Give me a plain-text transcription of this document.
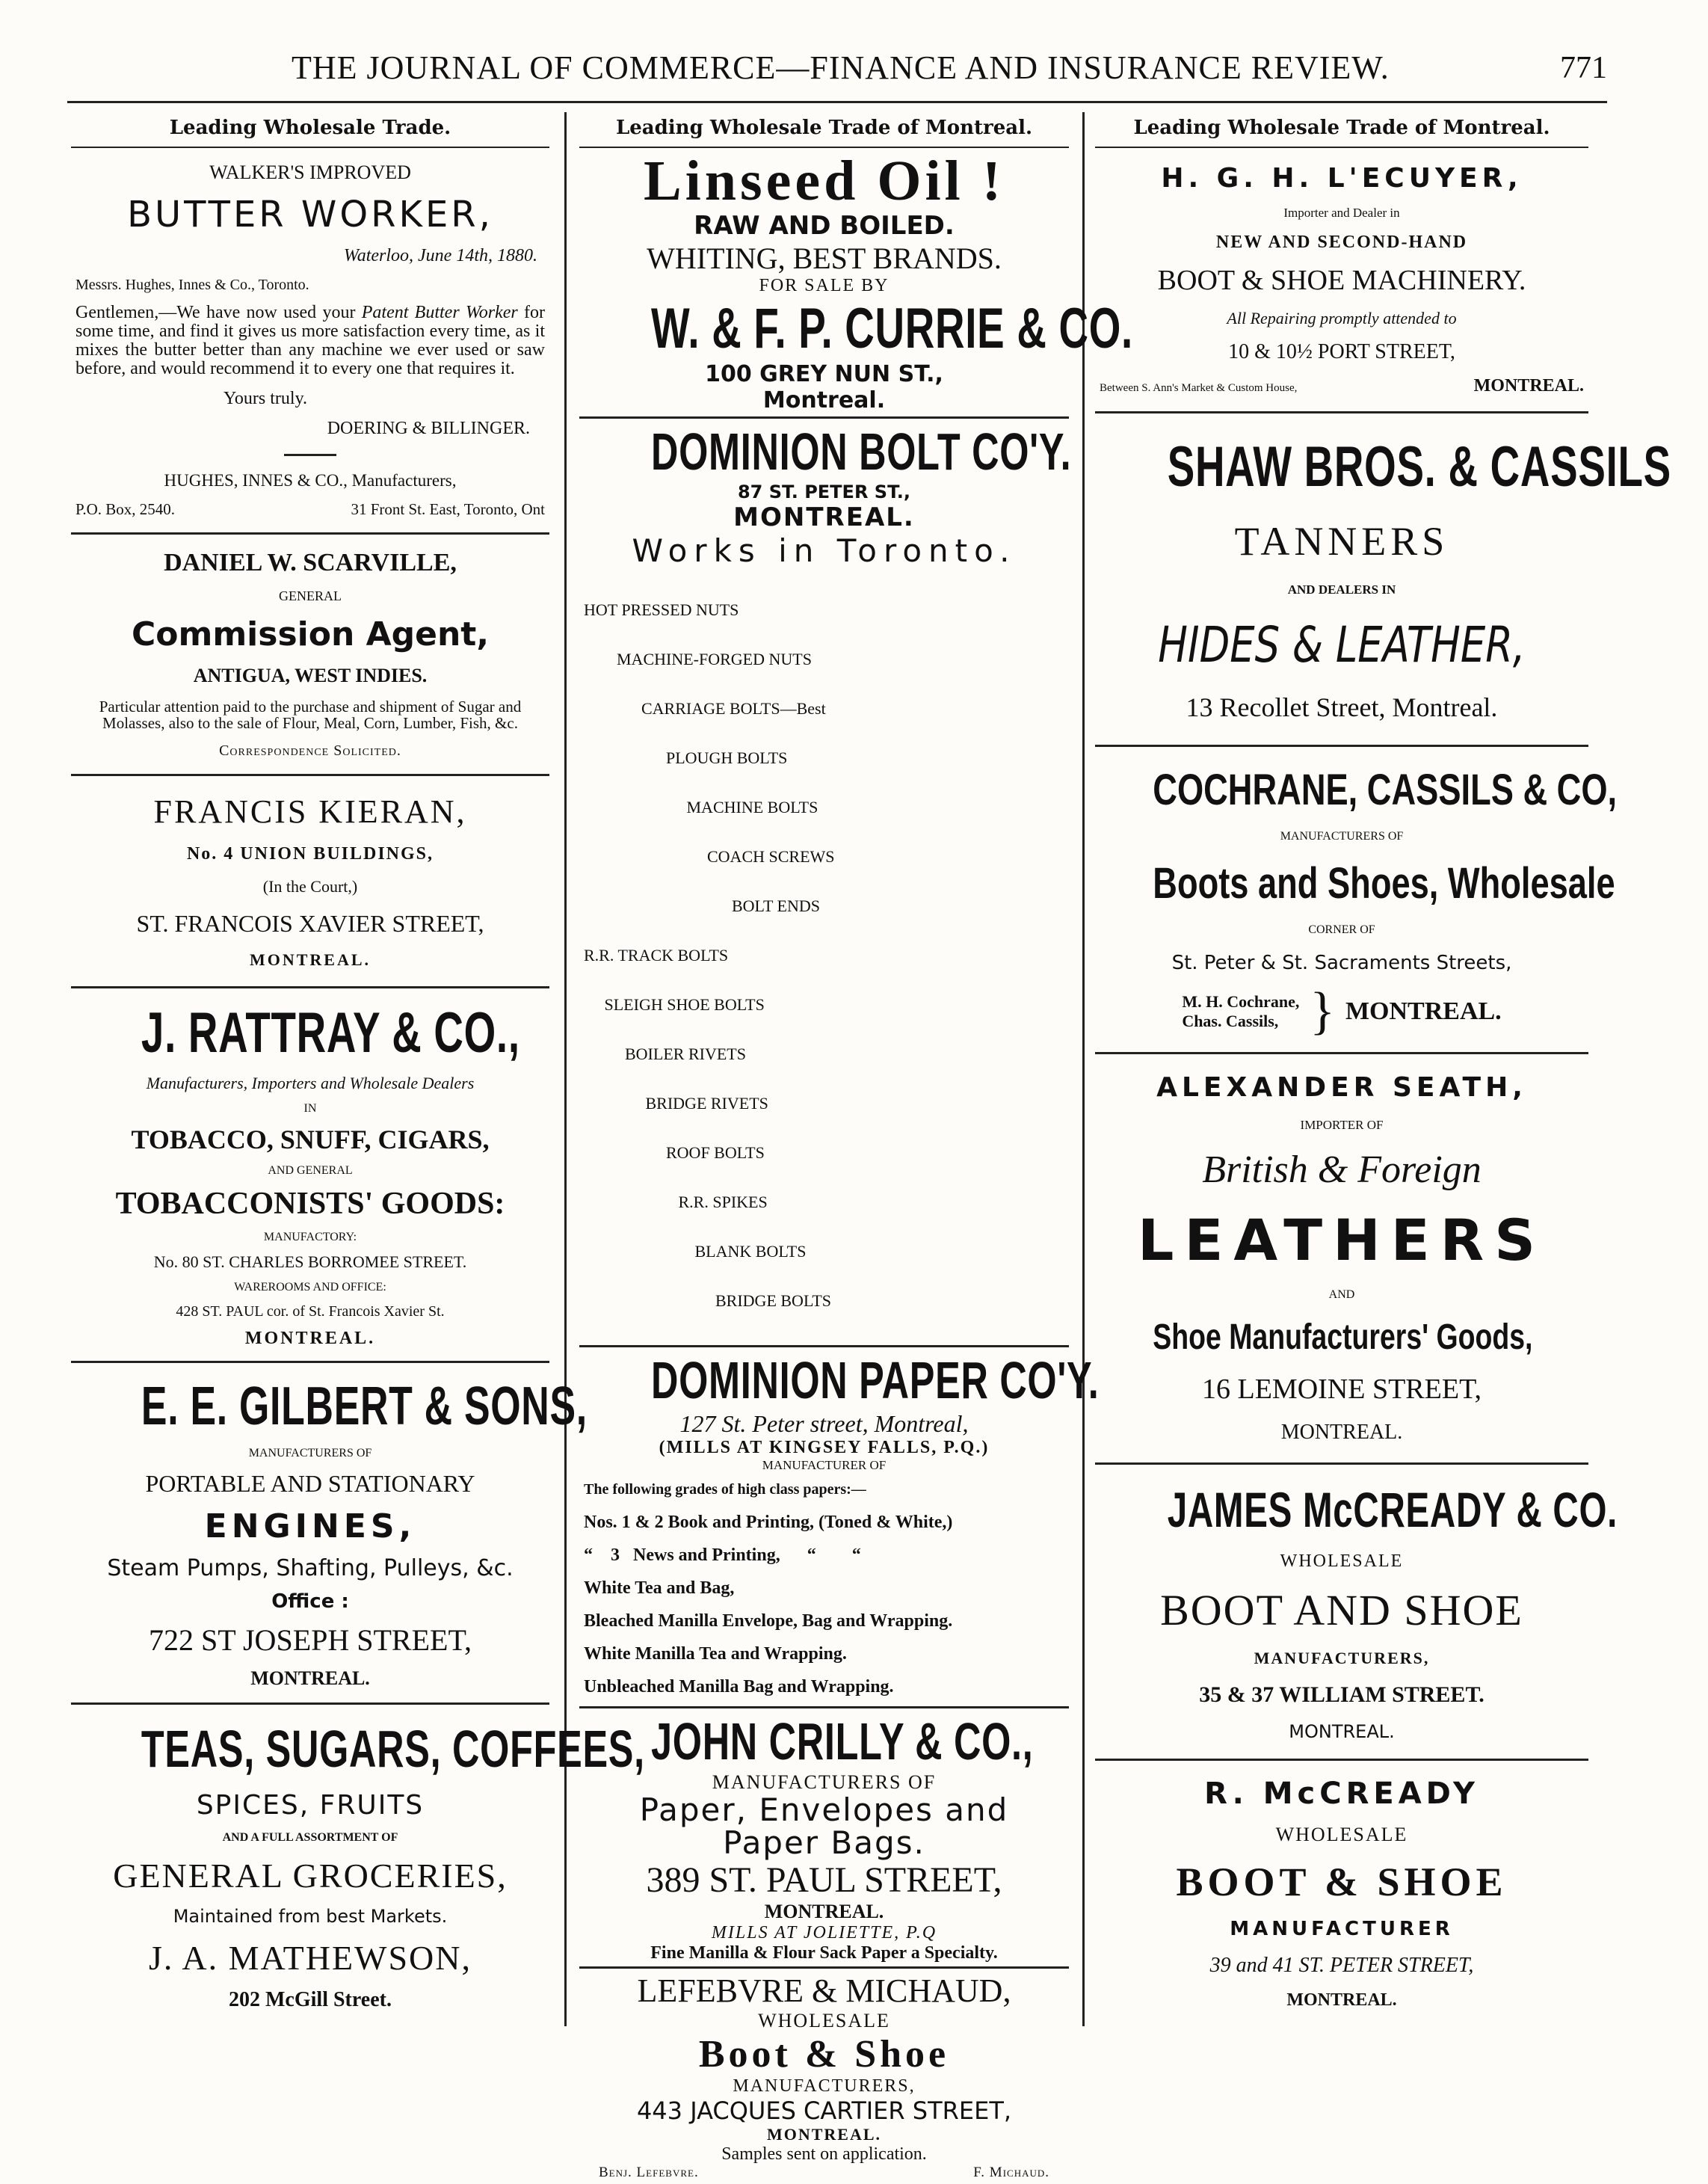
THE JOURNAL OF COMMERCE—FINANCE AND INSURANCE REVIEW.	771
Leading Wholesale Trade.

WALKER'S IMPROVED

BUTTER WORKER,

Waterloo, June 14th, 1880.

Messrs. Hughes, Innes & Co., Toronto.

Gentlemen,—We have now used your Patent Butter Worker for some time, and find it gives us more satisfaction every time, as it mixes the butter better than any machine we ever used or saw before, and would recommend it to every one that requires it.

Yours truly.

DOERING & BILLINGER.

HUGHES, INNES & CO., Manufacturers,

P.O. Box, 2540.	31 Front St. East, Toronto, Ont

DANIEL W. SCARVILLE,

GENERAL

Commission Agent,

ANTIGUA, WEST INDIES.

Particular attention paid to the purchase and shipment of Sugar and Molasses, also to the sale of Flour, Meal, Corn, Lumber, Fish, &c.

Correspondence Solicited.

FRANCIS KIERAN,

No. 4 UNION BUILDINGS,

(In the Court,)

ST. FRANCOIS XAVIER STREET,

MONTREAL.

J. RATTRAY & CO.,

Manufacturers, Importers and Wholesale Dealers

IN

TOBACCO, SNUFF, CIGARS,

AND GENERAL

TOBACCONISTS' GOODS:

MANUFACTORY:

No. 80 ST. CHARLES BORROMEE STREET.

WAREROOMS AND OFFICE:

428 ST. PAUL cor. of St. Francois Xavier St.

MONTREAL.

E. E. GILBERT & SONS,

MANUFACTURERS OF

PORTABLE AND STATIONARY

ENGINES,

Steam Pumps, Shafting, Pulleys, &c.

Office :

722 ST JOSEPH STREET,

MONTREAL.

TEAS, SUGARS, COFFEES,

SPICES, FRUITS

AND A FULL ASSORTMENT OF

GENERAL GROCERIES,

Maintained from best Markets.

J. A. MATHEWSON,

202 McGill Street.

Leading Wholesale Trade of Montreal.

Linseed Oil !

RAW AND BOILED.

WHITING, BEST BRANDS.

FOR SALE BY

W. & F. P. CURRIE & CO.

100 GREY NUN ST.,

Montreal.

DOMINION BOLT CO'Y.

87 ST. PETER ST.,

MONTREAL.

Works in Toronto.

HOT PRESSED NUTS

MACHINE-FORGED NUTS

CARRIAGE BOLTS—Best

PLOUGH BOLTS

MACHINE BOLTS

COACH SCREWS

BOLT ENDS

R.R. TRACK BOLTS

SLEIGH SHOE BOLTS

BOILER RIVETS

BRIDGE RIVETS

ROOF BOLTS

R.R. SPIKES

BLANK BOLTS

BRIDGE BOLTS

DOMINION PAPER CO'Y.

127 St. Peter street, Montreal,

(MILLS AT KINGSEY FALLS, P.Q.)

MANUFACTURER OF

The following grades of high class papers:—

Nos. 1 & 2 Book and Printing, (Toned & White,)

“    3   News and Printing,      “        “

White Tea and Bag,

Bleached Manilla Envelope, Bag and Wrapping.

White Manilla Tea and Wrapping.

Unbleached Manilla Bag and Wrapping.

JOHN CRILLY & CO.,

MANUFACTURERS OF

Paper, Envelopes and

Paper Bags.

389 ST. PAUL STREET,

MONTREAL.

MILLS AT JOLIETTE, P.Q

Fine Manilla & Flour Sack Paper a Specialty.

LEFEBVRE & MICHAUD,

WHOLESALE

Boot & Shoe

MANUFACTURERS,

443 JACQUES CARTIER STREET,

MONTREAL.

Samples sent on application.

Benj. Lefebvre.	F. Michaud.
Leading Wholesale Trade of Montreal.

H. G. H. L'ECUYER,

Importer and Dealer in

NEW AND SECOND-HAND

BOOT & SHOE MACHINERY.

All Repairing promptly attended to

10 & 10½ PORT STREET,

Between S. Ann's Market & Custom House,	MONTREAL.

SHAW BROS. & CASSILS

TANNERS

AND DEALERS IN

HIDES & LEATHER,

13 Recollet Street, Montreal.

COCHRANE, CASSILS & CO,

MANUFACTURERS OF

Boots and Shoes, Wholesale

CORNER OF

St. Peter & St. Sacraments Streets,

M. H. Cochrane,
Chas. Cassils, } MONTREAL.

ALEXANDER SEATH,

IMPORTER OF

British & Foreign

LEATHERS

AND

Shoe Manufacturers' Goods,

16 LEMOINE STREET,

MONTREAL.

JAMES McCREADY & CO.

WHOLESALE

BOOT AND SHOE

MANUFACTURERS,

35 & 37 WILLIAM STREET.

MONTREAL.

R. McCREADY

WHOLESALE

BOOT & SHOE

MANUFACTURER

39 and 41 ST. PETER STREET,

MONTREAL.
